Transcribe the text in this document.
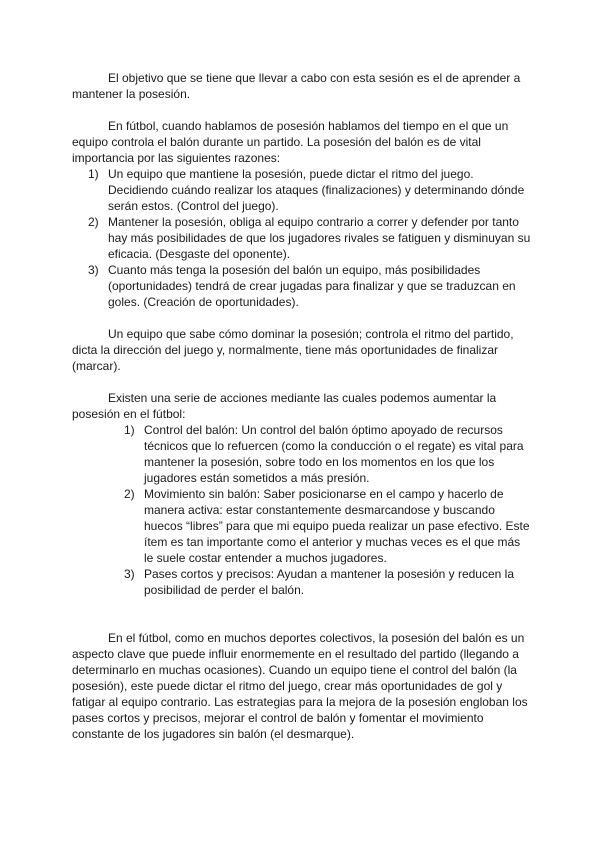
El objetivo que se tiene que llevar a cabo con esta sesión es el de aprender a mantener la posesión.

En fútbol, cuando hablamos de posesión hablamos del tiempo en el que un equipo controla el balón durante un partido. La posesión del balón es de vital importancia por las siguientes razones:

1) Un equipo que mantiene la posesión, puede dictar el ritmo del juego. Decidiendo cuándo realizar los ataques (finalizaciones) y determinando dónde serán estos. (Control del juego).
2) Mantener la posesión, obliga al equipo contrario a correr y defender por tanto hay más posibilidades de que los jugadores rivales se fatiguen y disminuyan su eficacia. (Desgaste del oponente).
3) Cuanto más tenga la posesión del balón un equipo, más posibilidades (oportunidades) tendrá de crear jugadas para finalizar y que se traduzcan en goles. (Creación de oportunidades).

Un equipo que sabe cómo dominar la posesión; controla el ritmo del partido, dicta la dirección del juego y, normalmente, tiene más oportunidades de finalizar (marcar).

Existen una serie de acciones mediante las cuales podemos aumentar la posesión en el fútbol:

1) Control del balón: Un control del balón óptimo apoyado de recursos técnicos que lo refuercen (como la conducción o el regate) es vital para mantener la posesión, sobre todo en los momentos en los que los jugadores están sometidos a más presión.
2) Movimiento sin balón: Saber posicionarse en el campo y hacerlo de manera activa: estar constantemente desmarcandose y buscando huecos “libres” para que mi equipo pueda realizar un pase efectivo. Este ítem es tan importante como el anterior y muchas veces es el que más le suele costar entender a muchos jugadores.
3) Pases cortos y precisos: Ayudan a mantener la posesión y reducen la posibilidad de perder el balón.

En el fútbol, como en muchos deportes colectivos, la posesión del balón es un aspecto clave que puede influir enormemente en el resultado del partido (llegando a determinarlo en muchas ocasiones). Cuando un equipo tiene el control del balón (la posesión), este puede dictar el ritmo del juego, crear más oportunidades de gol y fatigar al equipo contrario. Las estrategias para la mejora de la posesión engloban los pases cortos y precisos, mejorar el control de balón y fomentar el movimiento constante de los jugadores sin balón (el desmarque).
